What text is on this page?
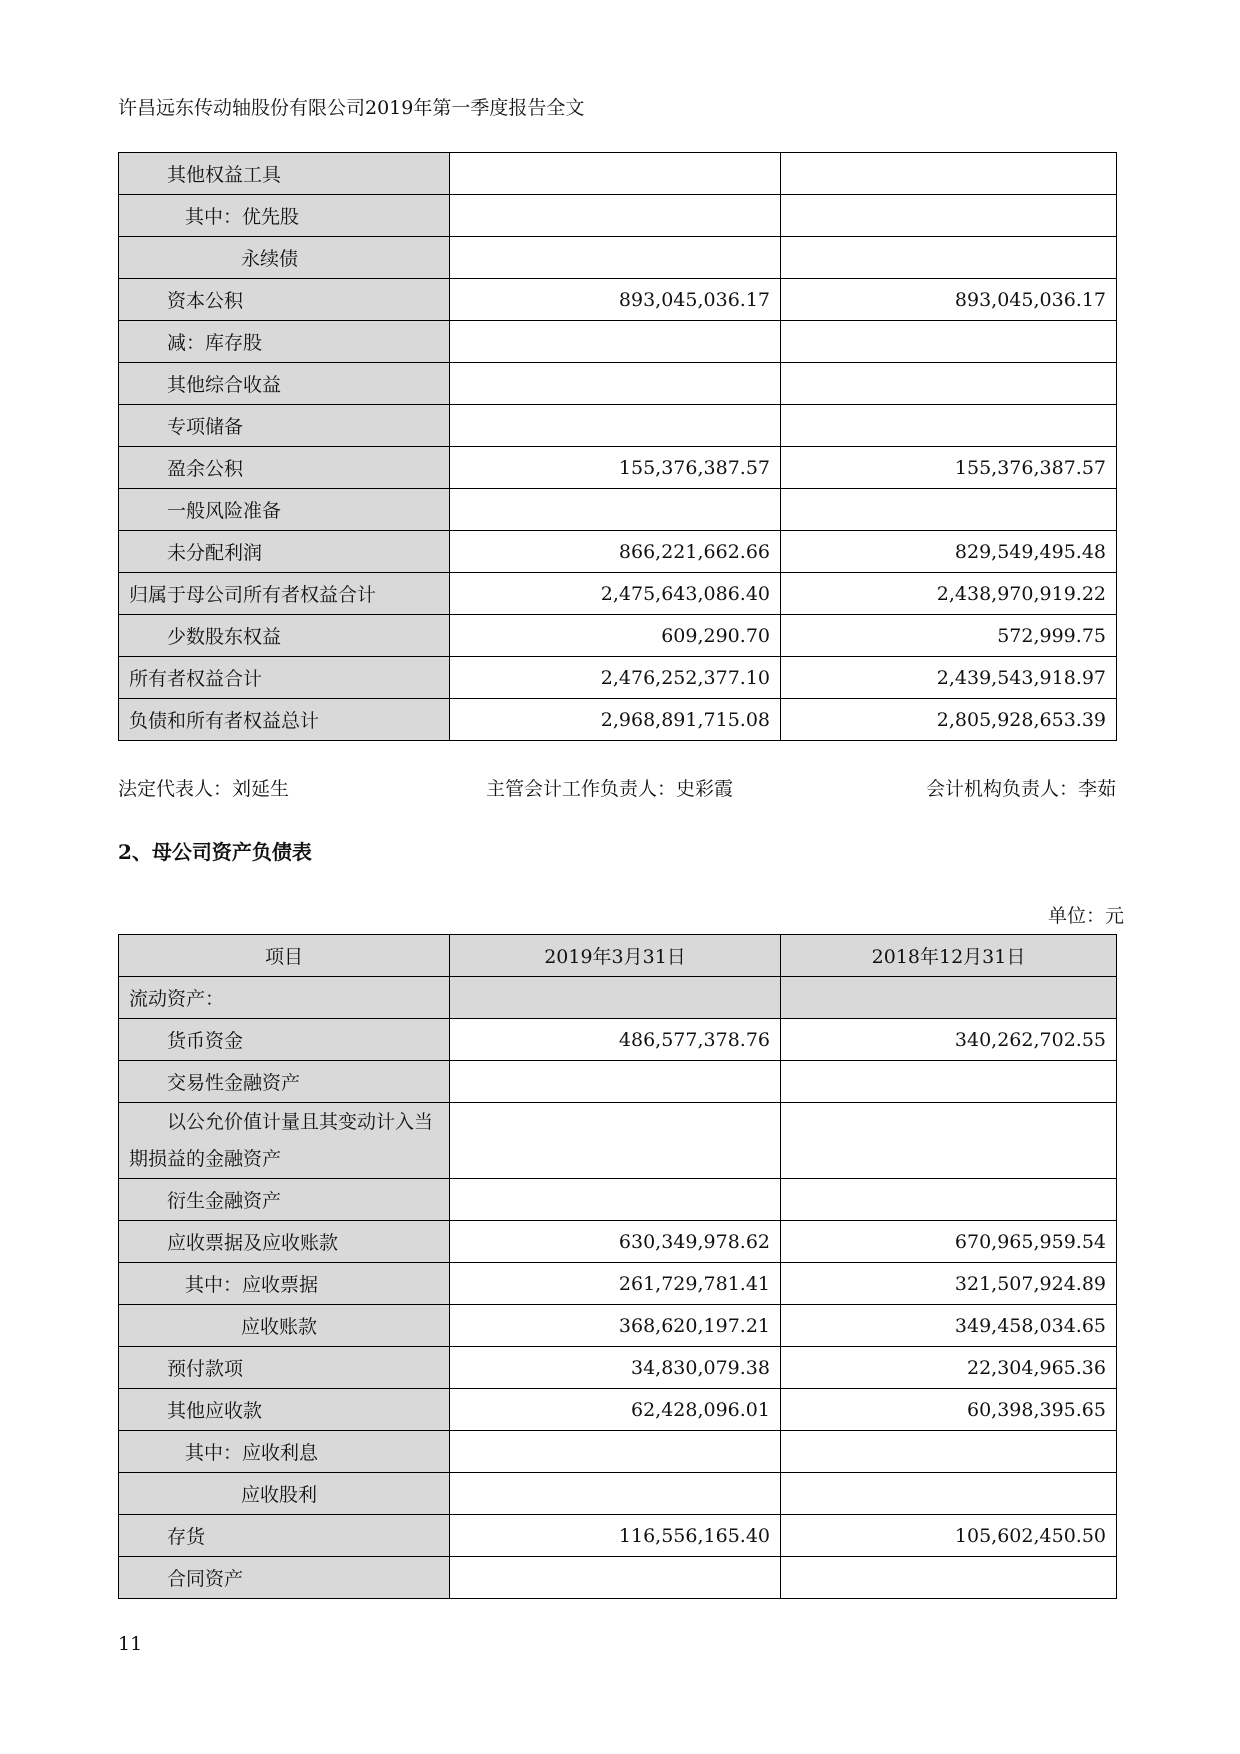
许昌远东传动轴股份有限公司2019年第一季度报告全文
其他权益工具		
其中：优先股		
永续债		
资本公积	893,045,036.17	893,045,036.17
减：库存股		
其他综合收益		
专项储备		
盈余公积	155,376,387.57	155,376,387.57
一般风险准备		
未分配利润	866,221,662.66	829,549,495.48
归属于母公司所有者权益合计	2,475,643,086.40	2,438,970,919.22
少数股东权益	609,290.70	572,999.75
所有者权益合计	2,476,252,377.10	2,439,543,918.97
负债和所有者权益总计	2,968,891,715.08	2,805,928,653.39
法定代表人：刘延生	主管会计工作负责人：史彩霞	会计机构负责人：李茹
2、母公司资产负债表
单位：元
项目	2019年3月31日	2018年12月31日
流动资产：		
货币资金	486,577,378.76	340,262,702.55
交易性金融资产		
以公允价值计量且其变动计入当期损益的金融资产		
衍生金融资产		
应收票据及应收账款	630,349,978.62	670,965,959.54
其中：应收票据	261,729,781.41	321,507,924.89
应收账款	368,620,197.21	349,458,034.65
预付款项	34,830,079.38	22,304,965.36
其他应收款	62,428,096.01	60,398,395.65
其中：应收利息		
应收股利		
存货	116,556,165.40	105,602,450.50
合同资产		
11
